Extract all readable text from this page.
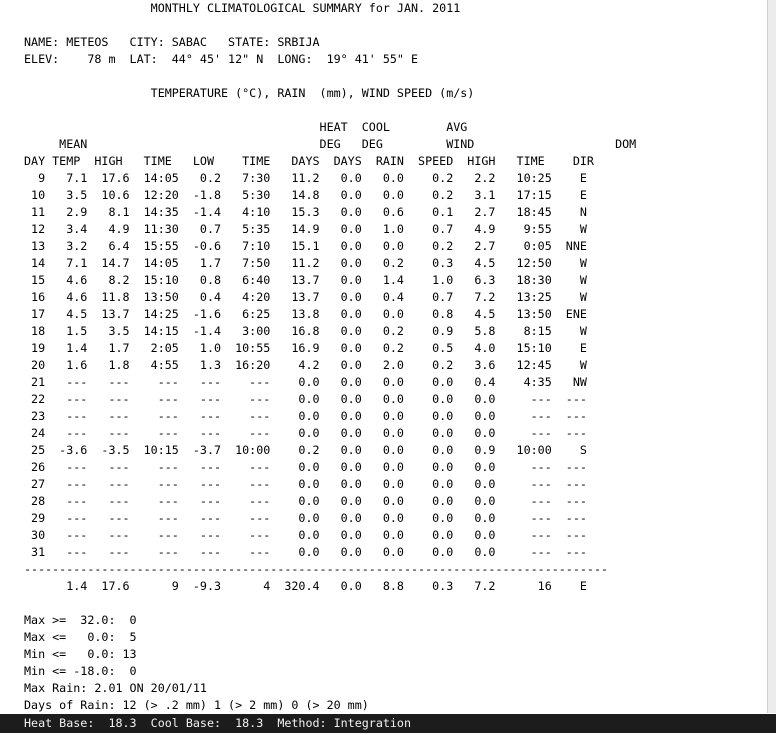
MONTHLY CLIMATOLOGICAL SUMMARY for JAN. 2011

NAME: METEOS   CITY: SABAC   STATE: SRBIJA
ELEV:    78 m  LAT:  44° 45' 12" N  LONG:  19° 41' 55" E

TEMPERATURE (°C), RAIN  (mm), WIND SPEED (m/s)

HEAT  COOL        AVG
MEAN                                 DEG   DEG         WIND                    DOM
DAY TEMP  HIGH   TIME   LOW    TIME   DAYS  DAYS  RAIN  SPEED  HIGH   TIME    DIR
9   7.1  17.6  14:05   0.2   7:30   11.2   0.0   0.0    0.2   2.2   10:25    E
10   3.5  10.6  12:20  -1.8   5:30   14.8   0.0   0.0    0.2   3.1   17:15    E
11   2.9   8.1  14:35  -1.4   4:10   15.3   0.0   0.6    0.1   2.7   18:45    N
12   3.4   4.9  11:30   0.7   5:35   14.9   0.0   1.0    0.7   4.9    9:55    W
13   3.2   6.4  15:55  -0.6   7:10   15.1   0.0   0.0    0.2   2.7    0:05  NNE
14   7.1  14.7  14:05   1.7   7:50   11.2   0.0   0.2    0.3   4.5   12:50    W
15   4.6   8.2  15:10   0.8   6:40   13.7   0.0   1.4    1.0   6.3   18:30    W
16   4.6  11.8  13:50   0.4   4:20   13.7   0.0   0.4    0.7   7.2   13:25    W
17   4.5  13.7  14:25  -1.6   6:25   13.8   0.0   0.0    0.8   4.5   13:50  ENE
18   1.5   3.5  14:15  -1.4   3:00   16.8   0.0   0.2    0.9   5.8    8:15    W
19   1.4   1.7   2:05   1.0  10:55   16.9   0.0   0.2    0.5   4.0   15:10    E
20   1.6   1.8   4:55   1.3  16:20    4.2   0.0   2.0    0.2   3.6   12:45    W
21   ---   ---    ---   ---    ---    0.0   0.0   0.0    0.0   0.4    4:35   NW
22   ---   ---    ---   ---    ---    0.0   0.0   0.0    0.0   0.0     ---  ---
23   ---   ---    ---   ---    ---    0.0   0.0   0.0    0.0   0.0     ---  ---
24   ---   ---    ---   ---    ---    0.0   0.0   0.0    0.0   0.0     ---  ---
25  -3.6  -3.5  10:15  -3.7  10:00    0.2   0.0   0.0    0.0   0.9   10:00    S
26   ---   ---    ---   ---    ---    0.0   0.0   0.0    0.0   0.0     ---  ---
27   ---   ---    ---   ---    ---    0.0   0.0   0.0    0.0   0.0     ---  ---
28   ---   ---    ---   ---    ---    0.0   0.0   0.0    0.0   0.0     ---  ---
29   ---   ---    ---   ---    ---    0.0   0.0   0.0    0.0   0.0     ---  ---
30   ---   ---    ---   ---    ---    0.0   0.0   0.0    0.0   0.0     ---  ---
31   ---   ---    ---   ---    ---    0.0   0.0   0.0    0.0   0.0     ---  ---
-----------------------------------------------------------------------------------
1.4  17.6      9  -9.3      4  320.4   0.0   8.8    0.3   7.2      16    E

Max >=  32.0:  0
Max <=   0.0:  5
Min <=   0.0: 13
Min <= -18.0:  0
Max Rain: 2.01 ON 20/01/11
Days of Rain: 12 (> .2 mm) 1 (> 2 mm) 0 (> 20 mm)

Heat Base:  18.3  Cool Base:  18.3  Method: Integration
